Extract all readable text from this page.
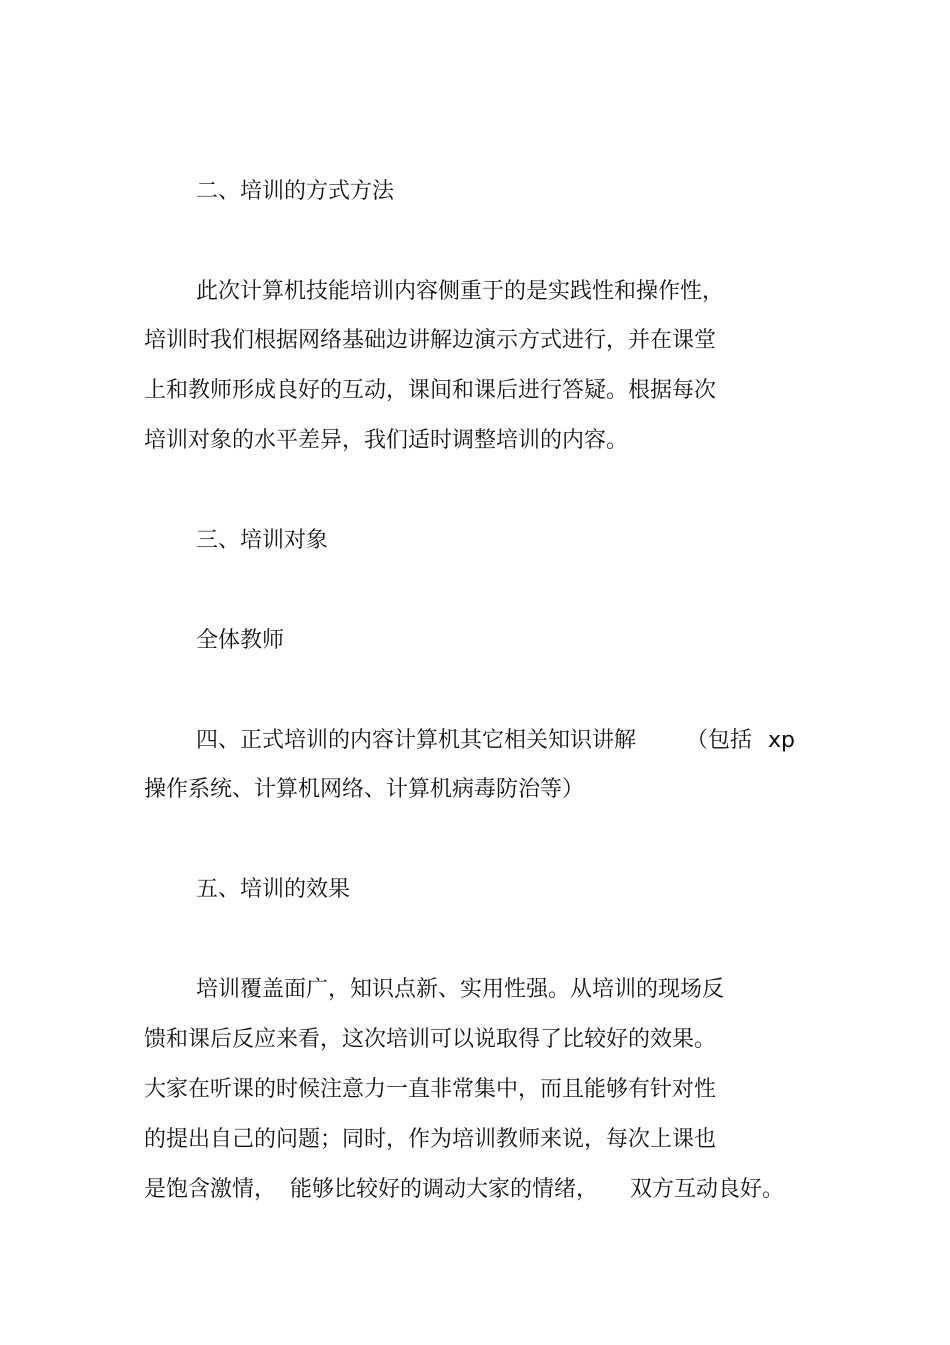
二、培训的方式方法
此次计算机技能培训内容侧重于的是实践性和操作性，
培训时我们根据网络基础边讲解边演示方式进行，并在课堂
上和教师形成良好的互动，课间和课后进行答疑。根据每次
培训对象的水平差异，我们适时调整培训的内容。
三、培训对象
全体教师
四、正式培训的内容计算机其它相关知识讲解 （包括 xp
操作系统、计算机网络、计算机病毒防治等）
五、培训的效果
培训覆盖面广，知识点新、实用性强。从培训的现场反
馈和课后反应来看，这次培训可以说取得了比较好的效果。
大家在听课的时候注意力一直非常集中，而且能够有针对性
的提出自己的问题；同时，作为培训教师来说，每次上课也
是饱含激情， 能够比较好的调动大家的情绪， 双方互动良好。
